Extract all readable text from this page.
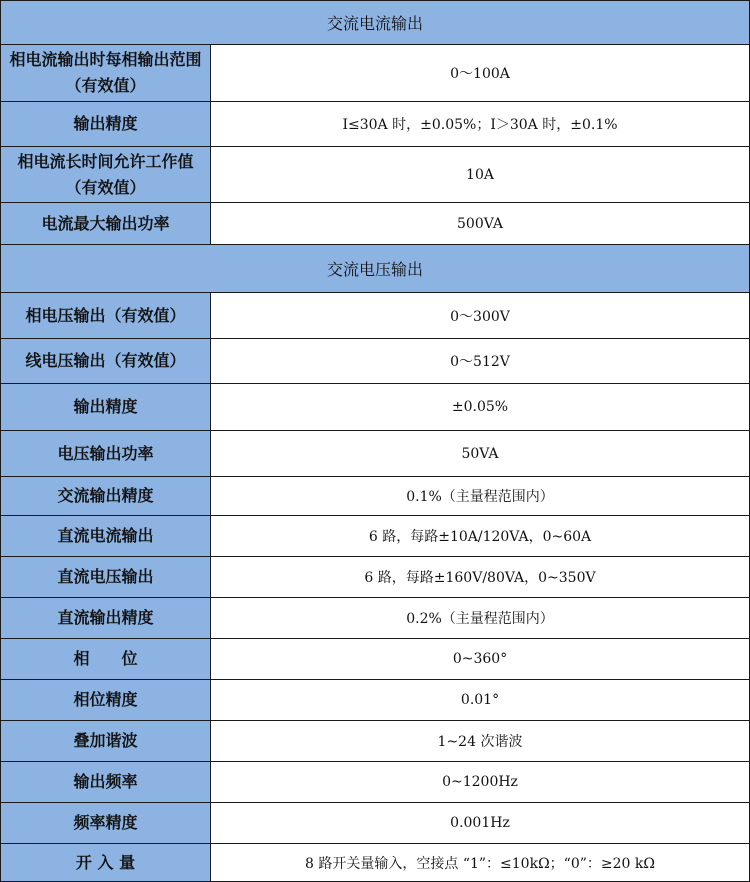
交流电流输出	
相电流输出时每相输出范围（有效值）	0～100A
输出精度	I≤30A 时，±0.05%；I＞30A 时，±0.1%
相电流长时间允许工作值（有效值）	10A
电流最大输出功率	500VA
交流电压输出	
相电压输出（有效值）	0～300V
线电压输出（有效值）	0～512V
输出精度	±0.05%
电压输出功率	50VA
交流输出精度	0.1%（主量程范围内）
直流电流输出	6 路，每路±10A/120VA，0~60A
直流电压输出	6 路，每路±160V/80VA，0~350V
直流输出精度	0.2%（主量程范围内）
相　　位	0~360°
相位精度	0.01°
叠加谐波	1~24 次谐波
输出频率	0~1200Hz
频率精度	0.001Hz
开 入 量	8 路开关量输入，空接点 “1”：≤10kΩ；“0”：≥20 kΩ
